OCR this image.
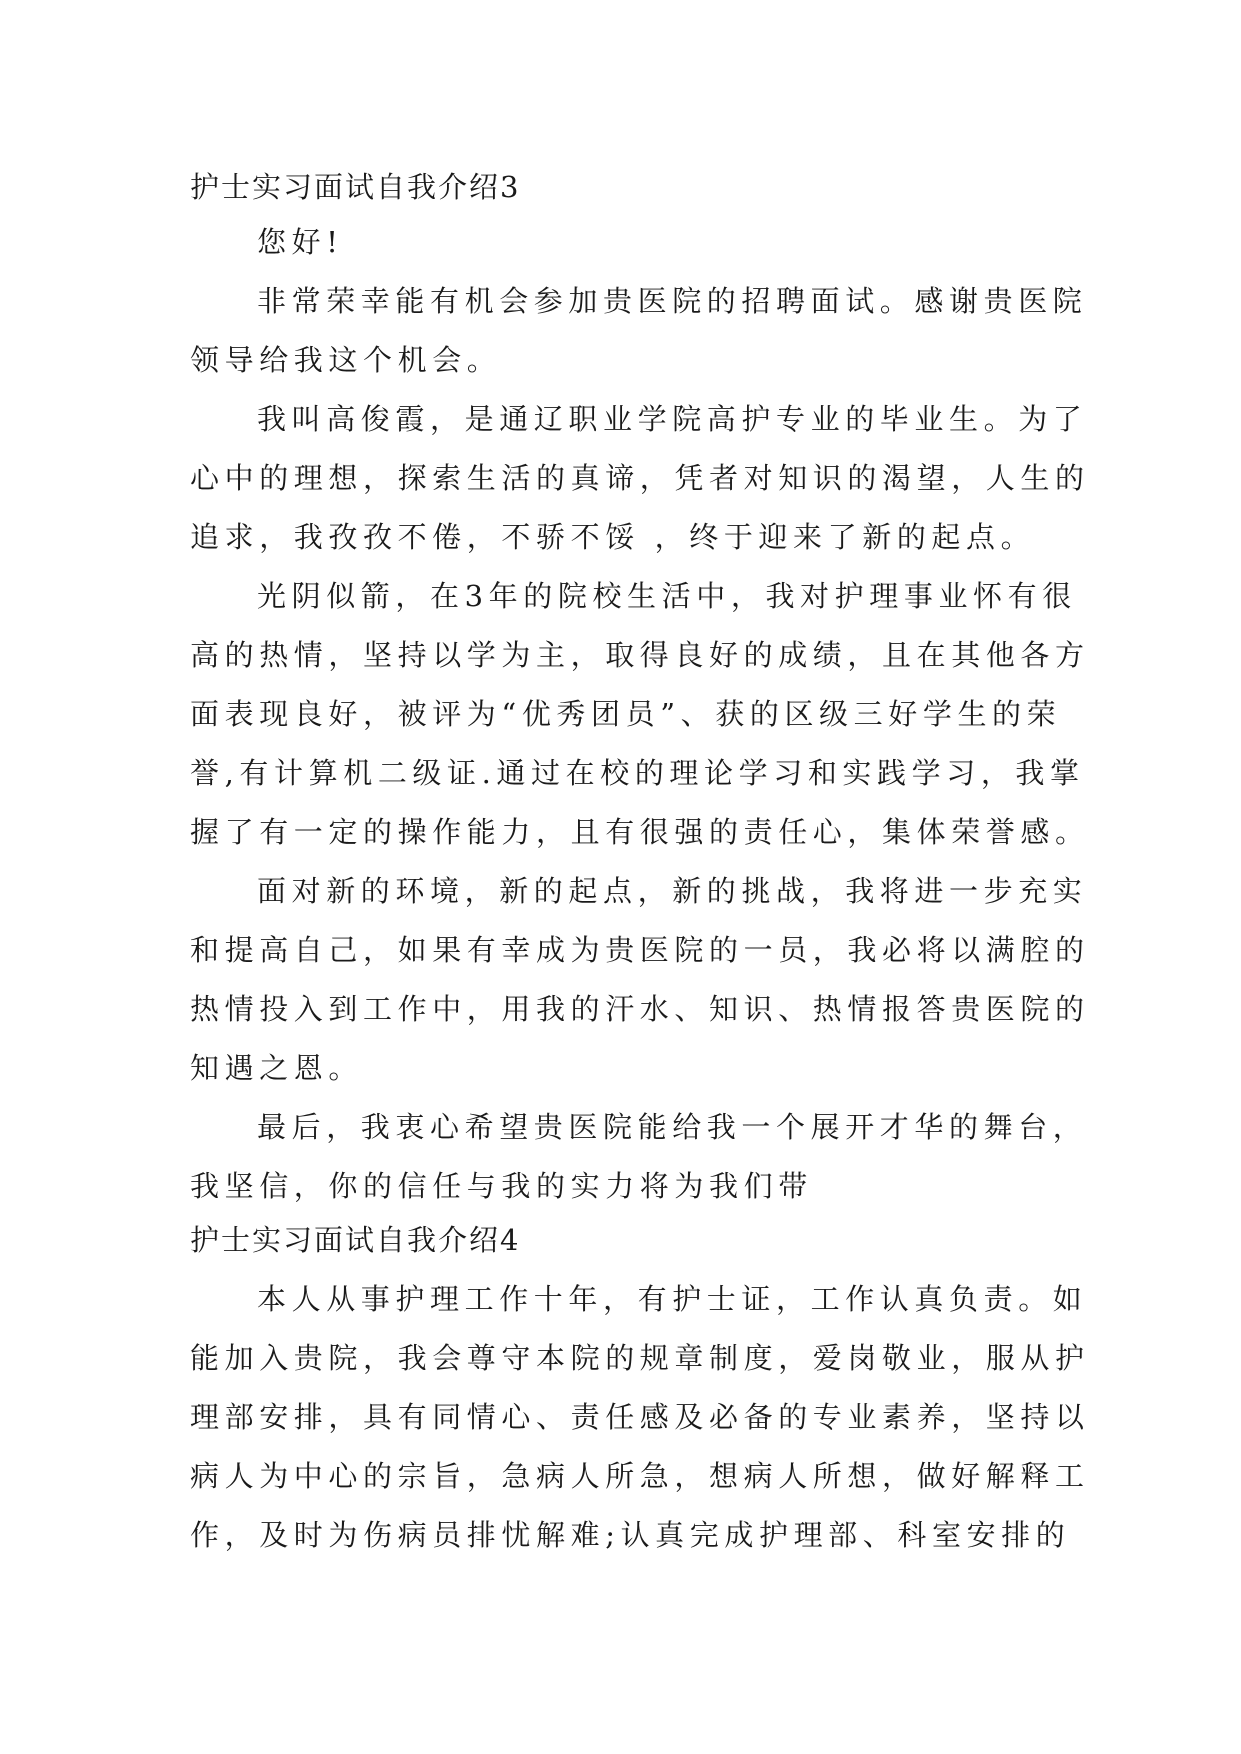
护士实习面试自我介绍3
您好!
非常荣幸能有机会参加贵医院的招聘面试。感谢贵医院
领导给我这个机会。
我叫高俊霞，是通辽职业学院高护专业的毕业生。为了
心中的理想，探索生活的真谛，凭者对知识的渴望，人生的
追求，我孜孜不倦，不骄不馁 ，终于迎来了新的起点。
光阴似箭，在3年的院校生活中，我对护理事业怀有很
高的热情，坚持以学为主，取得良好的成绩，且在其他各方
面表现良好，被评为“优秀团员”、获的区级三好学生的荣
誉,有计算机二级证.通过在校的理论学习和实践学习，我掌
握了有一定的操作能力，且有很强的责任心，集体荣誉感。
面对新的环境，新的起点，新的挑战，我将进一步充实
和提高自己，如果有幸成为贵医院的一员，我必将以满腔的
热情投入到工作中，用我的汗水、知识、热情报答贵医院的
知遇之恩。
最后，我衷心希望贵医院能给我一个展开才华的舞台，
我坚信，你的信任与我的实力将为我们带
护士实习面试自我介绍4
本人从事护理工作十年，有护士证，工作认真负责。如
能加入贵院，我会尊守本院的规章制度，爱岗敬业，服从护
理部安排，具有同情心、责任感及必备的专业素养，坚持以
病人为中心的宗旨，急病人所急，想病人所想，做好解释工
作，及时为伤病员排忧解难;认真完成护理部、科室安排的
